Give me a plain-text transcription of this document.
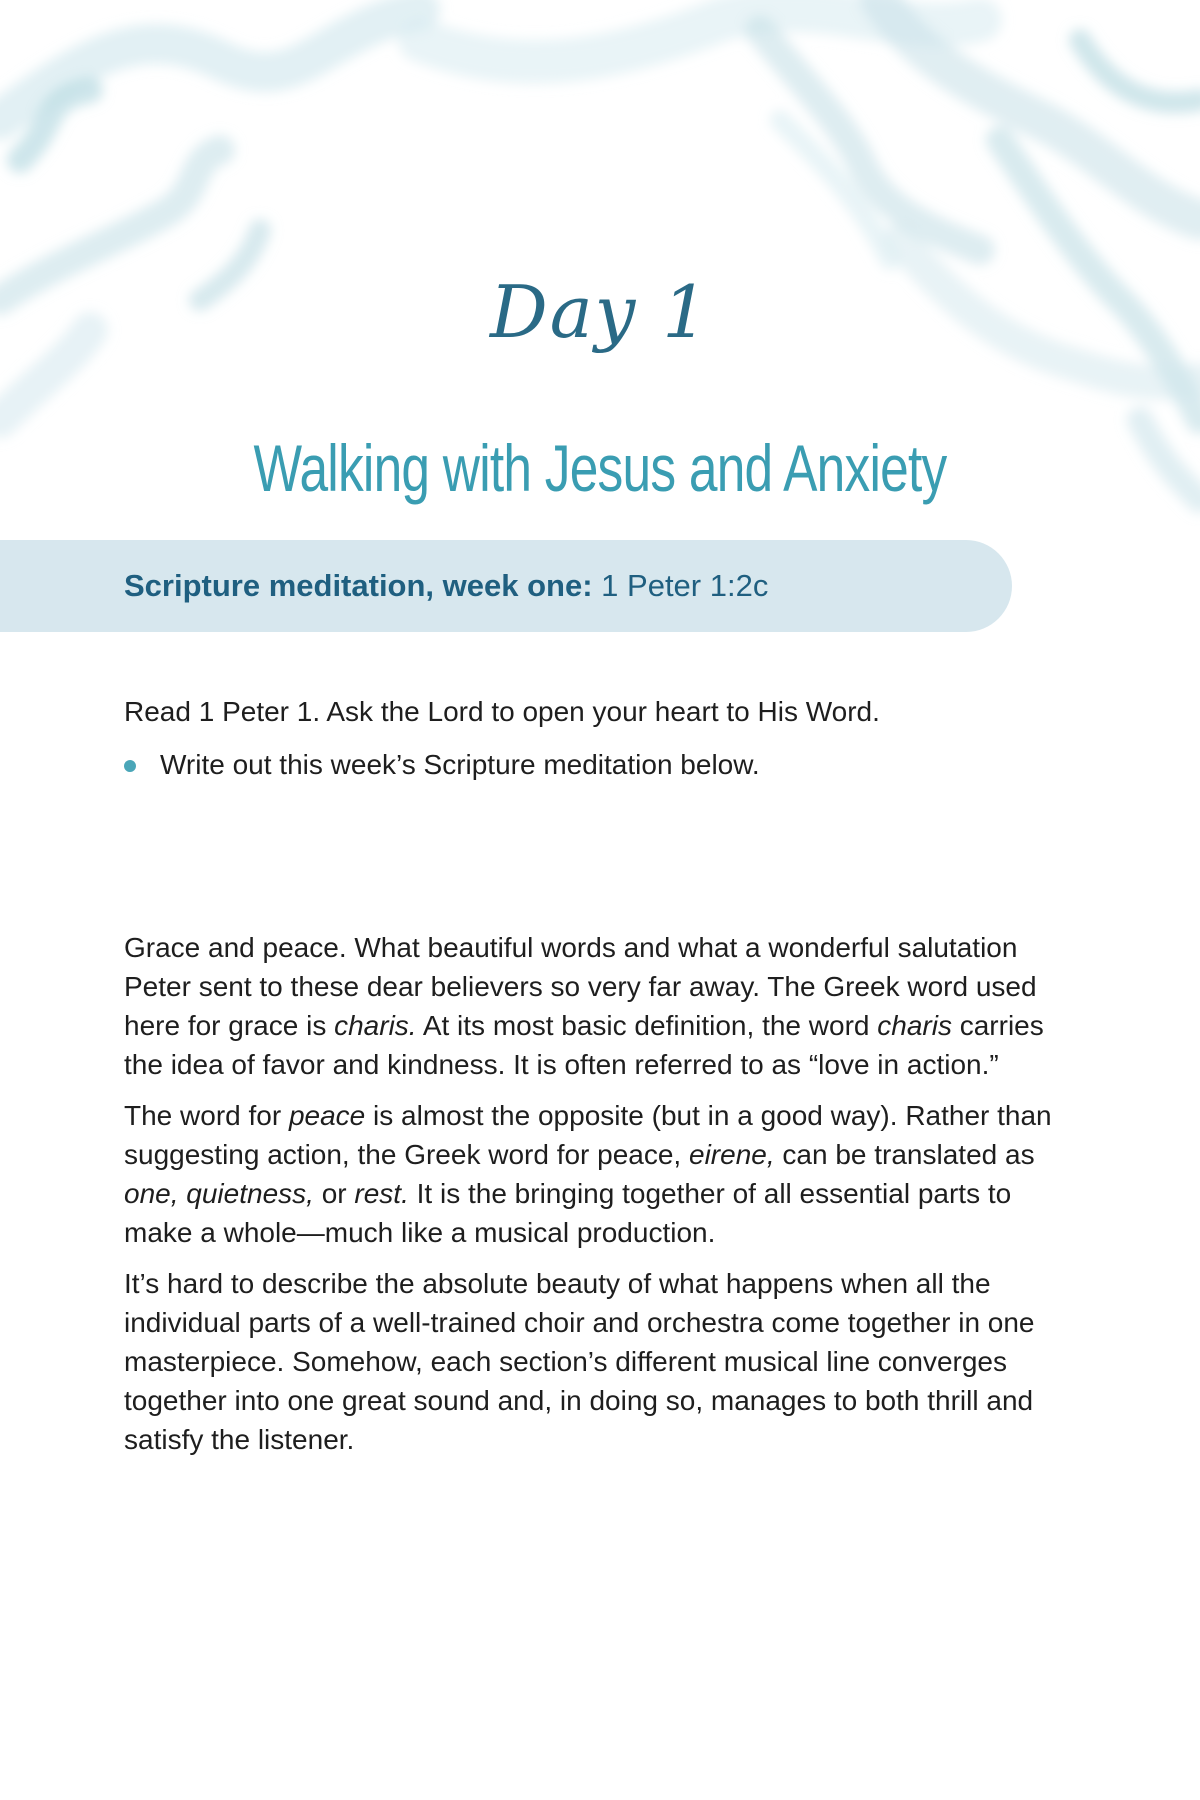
Day 1
Walking with Jesus and Anxiety
Scripture meditation, week one: 1 Peter 1:2c
Read 1 Peter 1. Ask the Lord to open your heart to His Word.
Write out this week’s Scripture meditation below.

Grace and peace. What beautiful words and what a wonderful salutation Peter sent to these dear believers so very far away. The Greek word used here for grace is charis. At its most basic definition, the word charis carries the idea of favor and kindness. It is often referred to as “love in action.”

The word for peace is almost the opposite (but in a good way). Rather than suggesting action, the Greek word for peace, eirene, can be translated as one, quietness, or rest. It is the bringing together of all essential parts to make a whole—much like a musical production.

It’s hard to describe the absolute beauty of what happens when all the individual parts of a well-trained choir and orchestra come together in one masterpiece. Somehow, each section’s different musical line converges together into one great sound and, in doing so, manages to both thrill and satisfy the listener.
